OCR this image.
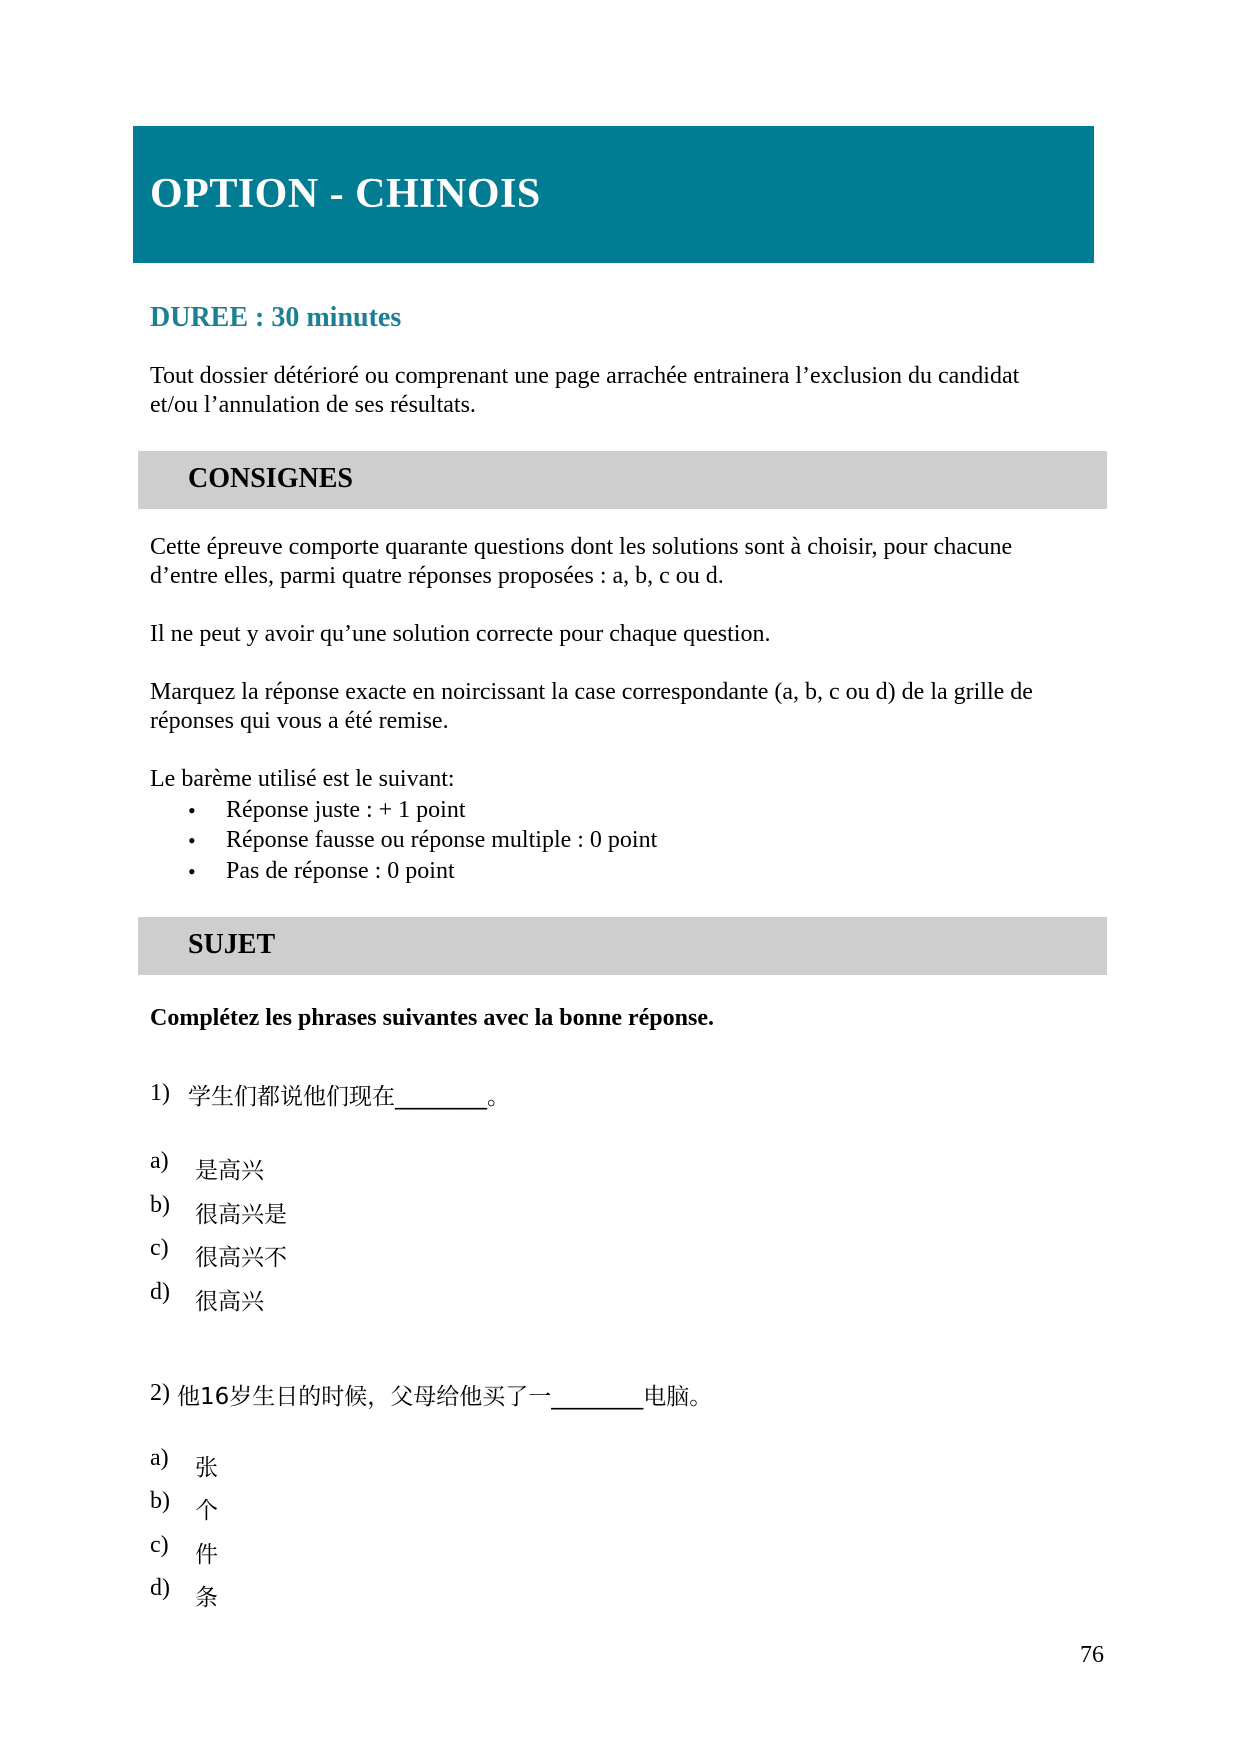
OPTION - CHINOIS
DUREE : 30 minutes
Tout dossier détérioré ou comprenant une page arrachée entrainera l’exclusion du candidat
et/ou l’annulation de ses résultats.
CONSIGNES
Cette épreuve comporte quarante questions dont les solutions sont à choisir, pour chacune
d’entre elles, parmi quatre réponses proposées : a, b, c ou d.
Il ne peut y avoir qu’une solution correcte pour chaque question.
Marquez la réponse exacte en noircissant la case correspondante (a, b, c ou d) de la grille de
réponses qui vous a été remise.
Le barème utilisé est le suivant:
• Réponse juste : + 1 point
• Réponse fausse ou réponse multiple : 0 point
• Pas de réponse : 0 point
SUJET
Complétez les phrases suivantes avec la bonne réponse.
1) 学生们都说他们现在________。
a) 是高兴
b) 很高兴是
c) 很高兴不
d) 很高兴
2) 他16岁生日的时候，父母给他买了一________电脑。
a) 张
b) 个
c) 件
d) 条
76
